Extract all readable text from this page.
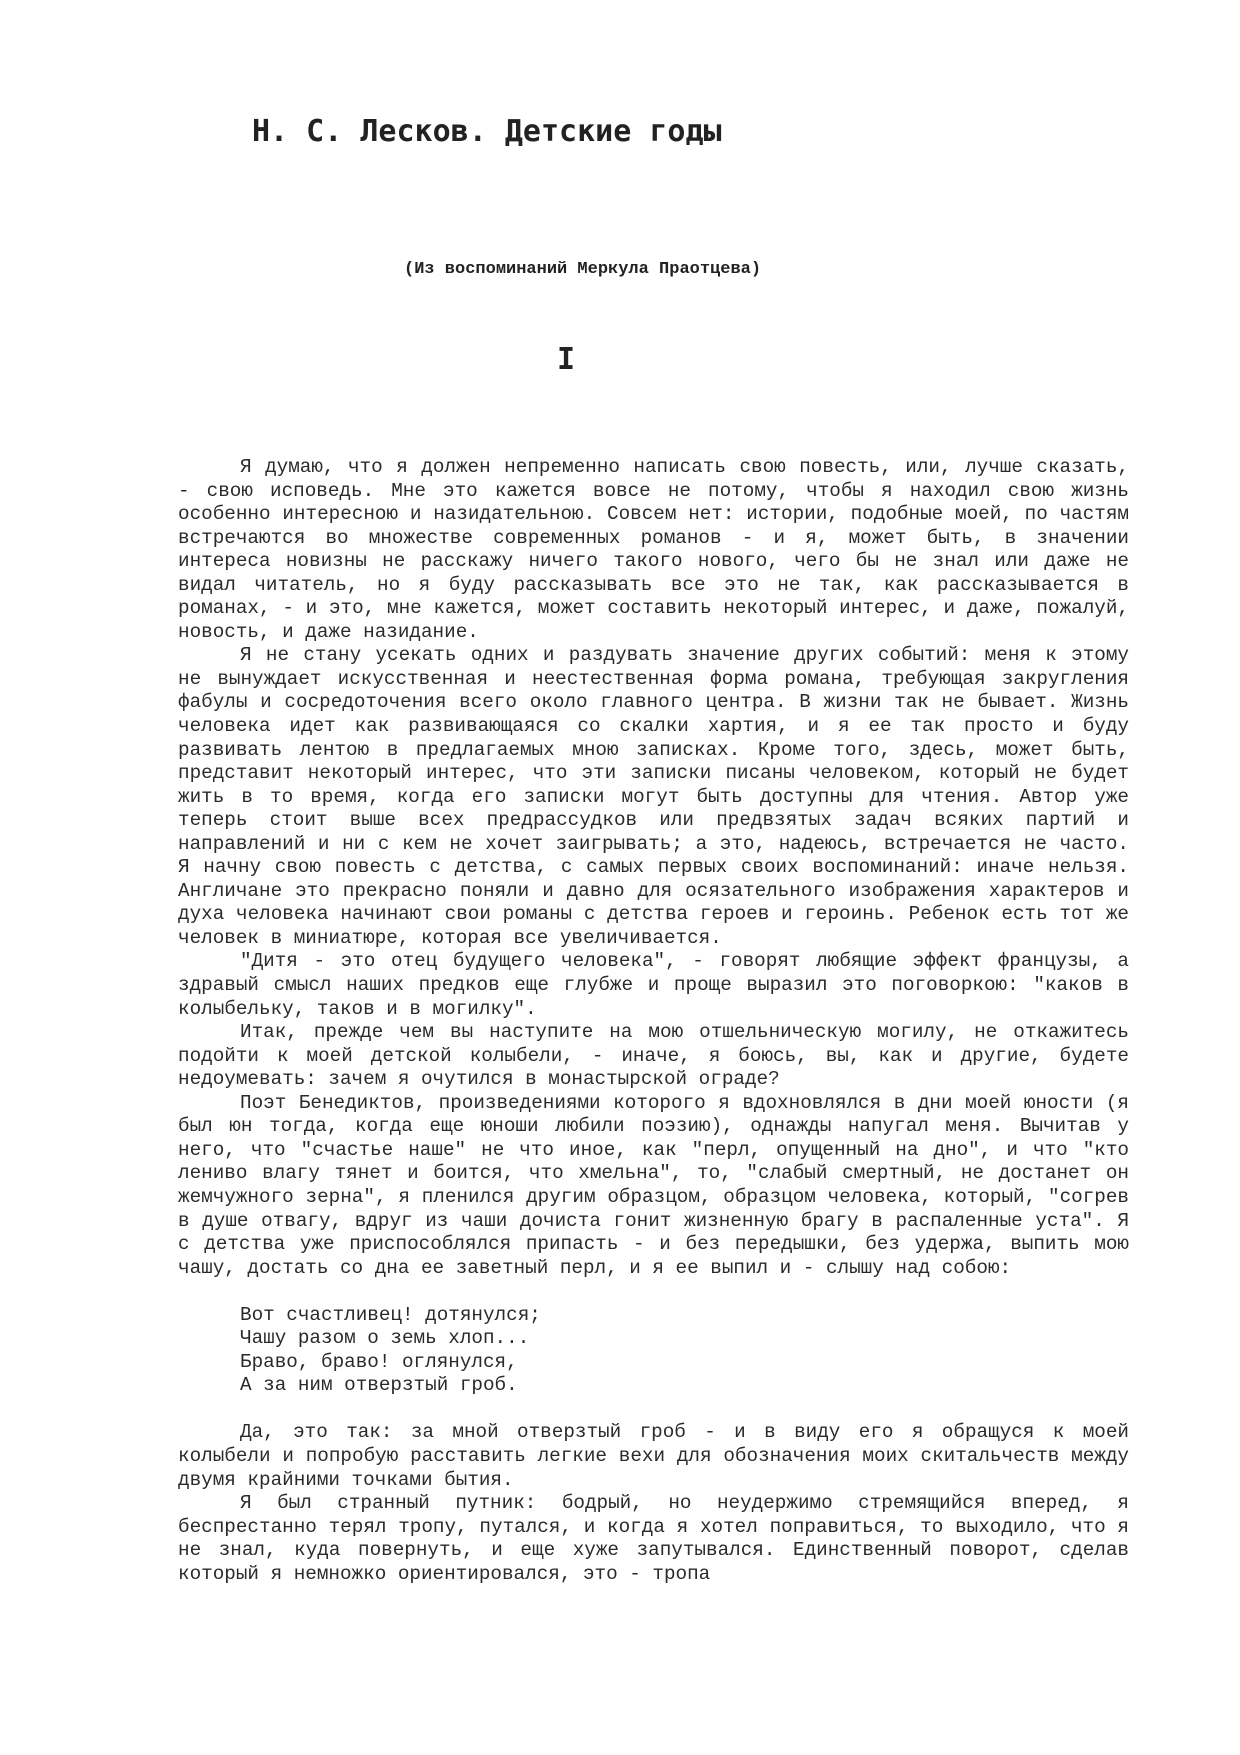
Н. С. Лесков. Детские годы
(Из воспоминаний Меркула Праотцева)
I

Я думаю, что я должен непременно написать свою повесть, или, лучше сказать, - свою исповедь. Мне это кажется вовсе не потому, чтобы я находил свою жизнь особенно интересною и назидательною. Совсем нет: истории, подобные моей, по частям встречаются во множестве современных романов - и я, может быть, в значении интереса новизны не расскажу ничего такого нового, чего бы не знал или даже не видал читатель, но я буду рассказывать все это не так, как рассказывается в романах, - и это, мне кажется, может составить некоторый интерес, и даже, пожалуй, новость, и даже назидание.

Я не стану усекать одних и раздувать значение других событий: меня к этому не вынуждает искусственная и неестественная форма романа, требующая закругления фабулы и сосредоточения всего около главного центра. В жизни так не бывает. Жизнь человека идет как развивающаяся со скалки хартия, и я ее так просто и буду развивать лентою в предлагаемых мною записках. Кроме того, здесь, может быть, представит некоторый интерес, что эти записки писаны человеком, который не будет жить в то время, когда его записки могут быть доступны для чтения. Автор уже теперь стоит выше всех предрассудков или предвзятых задач всяких партий и направлений и ни с кем не хочет заигрывать; а это, надеюсь, встречается не часто. Я начну свою повесть с детства, с самых первых своих воспоминаний: иначе нельзя. Англичане это прекрасно поняли и давно для осязательного изображения характеров и духа человека начинают свои романы с детства героев и героинь. Ребенок есть тот же человек в миниатюре, которая все увеличивается.

"Дитя - это отец будущего человека", - говорят любящие эффект французы, а здравый смысл наших предков еще глубже и проще выразил это поговоркою: "каков в колыбельку, таков и в могилку".

Итак, прежде чем вы наступите на мою отшельническую могилу, не откажитесь подойти к моей детской колыбели, - иначе, я боюсь, вы, как и другие, будете недоумевать: зачем я очутился в монастырской ограде?

Поэт Бенедиктов, произведениями которого я вдохновлялся в дни моей юности (я был юн тогда, когда еще юноши любили поэзию), однажды напугал меня. Вычитав у него, что "счастье наше" не что иное, как "перл, опущенный на дно", и что "кто лениво влагу тянет и боится, что хмельна", то, "слабый смертный, не достанет он жемчужного зерна", я пленился другим образцом, образцом человека, который, "согрев в душе отвагу, вдруг из чаши дочиста гонит жизненную брагу в распаленные уста". Я с детства уже приспособлялся припасть - и без передышки, без удержа, выпить мою чашу, достать со дна ее заветный перл, и я ее выпил и - слышу над собою:

Вот счастливец! дотянулся;
Чашу разом о земь хлоп...
Браво, браво! оглянулся,
А за ним отверзтый гроб.

Да, это так: за мной отверзтый гроб - и в виду его я обращуся к моей колыбели и попробую расставить легкие вехи для обозначения моих скитальчеств между двумя крайними точками бытия.

Я был странный путник: бодрый, но неудержимо стремящийся вперед, я беспрестанно терял тропу, путался, и когда я хотел поправиться, то выходило, что я не знал, куда повернуть, и еще хуже запутывался. Единственный поворот, сделав который я немножко ориентировался, это - тропа
